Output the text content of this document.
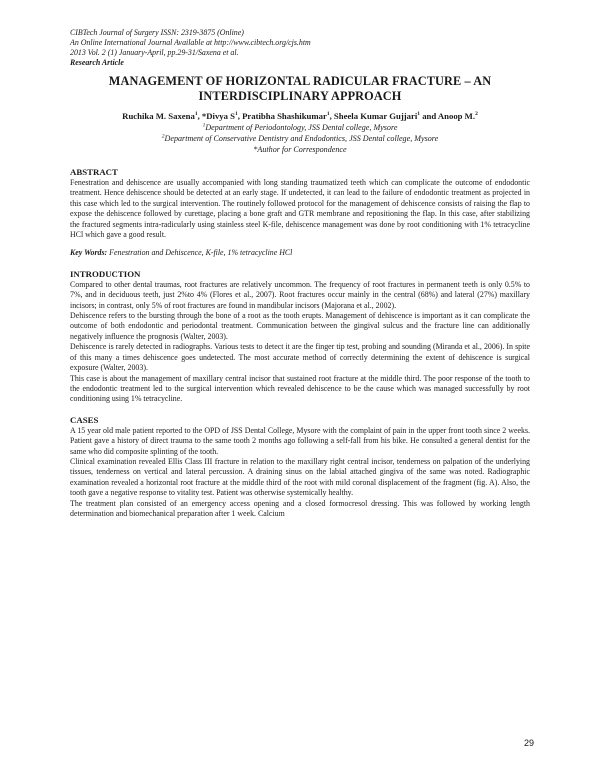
CIBTech Journal of Surgery ISSN: 2319-3875 (Online)
An Online International Journal Available at http://www.cibtech.org/cjs.htm
2013 Vol. 2 (1) January-April, pp.29-31/Saxena et al.
Research Article
MANAGEMENT OF HORIZONTAL RADICULAR FRACTURE – AN INTERDISCIPLINARY APPROACH
Ruchika M. Saxena$^1$, *Divya $S^1$, Pratibha Shashikumar$^1$, Sheela Kumar Gujjari$^1$ and Anoop M.$^2$
$^1$Department of Periodontology, JSS Dental college, Mysore
$^2$Department of Conservative Dentistry and Endodontics, JSS Dental college, Mysore
*Author for Correspondence
ABSTRACT

Fenestration and dehiscence are usually accompanied with long standing traumatized teeth which can complicate the outcome of endodontic treatment. Hence dehiscence should be detected at an early stage. If undetected, it can lead to the failure of endodontic treatment as projected in this case which led to the surgical intervention. The routinely followed protocol for the management of dehiscence consists of raising the flap to expose the dehiscence followed by curettage, placing a bone graft and GTR membrane and repositioning the flap. In this case, after stabilizing the fractured segments intra-radicularly using stainless steel K-file, dehiscence management was done by root conditioning with 1% tetracycline HCl which gave a good result.

Key Words: Fenestration and Dehiscence, K-file, 1% tetracycline HCl
INTRODUCTION

Compared to other dental traumas, root fractures are relatively uncommon. The frequency of root fractures in permanent teeth is only 0.5% to 7%, and in deciduous teeth, just 2%to 4% (Flores et al., 2007). Root fractures occur mainly in the central (68%) and lateral (27%) maxillary incisors; in contrast, only 5% of root fractures are found in mandibular incisors (Majorana et al., 2002).

Dehiscence refers to the bursting through the bone of a root as the tooth erupts. Management of dehiscence is important as it can complicate the outcome of both endodontic and periodontal treatment. Communication between the gingival sulcus and the fracture line can additionally negatively influence the prognosis (Walter, 2003).

Dehiscence is rarely detected in radiographs. Various tests to detect it are the finger tip test, probing and sounding (Miranda et al., 2006). In spite of this many a times dehiscence goes undetected. The most accurate method of correctly determining the extent of dehiscence is surgical exposure (Walter, 2003).

This case is about the management of maxillary central incisor that sustained root fracture at the middle third. The poor response of the tooth to the endodontic treatment led to the surgical intervention which revealed dehiscence to be the cause which was managed successfully by root conditioning using 1% tetracycline.

CASES

A 15 year old male patient reported to the OPD of JSS Dental College, Mysore with the complaint of pain in the upper front tooth since 2 weeks. Patient gave a history of direct trauma to the same tooth 2 months ago following a self-fall from his bike. He consulted a general dentist for the same who did composite splinting of the tooth.

Clinical examination revealed Ellis Class III fracture in relation to the maxillary right central incisor, tenderness on palpation of the underlying tissues, tenderness on vertical and lateral percussion. A draining sinus on the labial attached gingiva of the same was noted. Radiographic examination revealed a horizontal root fracture at the middle third of the root with mild coronal displacement of the fragment (fig. A). Also, the tooth gave a negative response to vitality test. Patient was otherwise systemically healthy.

The treatment plan consisted of an emergency access opening and a closed formocresol dressing. This was followed by working length determination and biomechanical preparation after 1 week. Calcium

29
